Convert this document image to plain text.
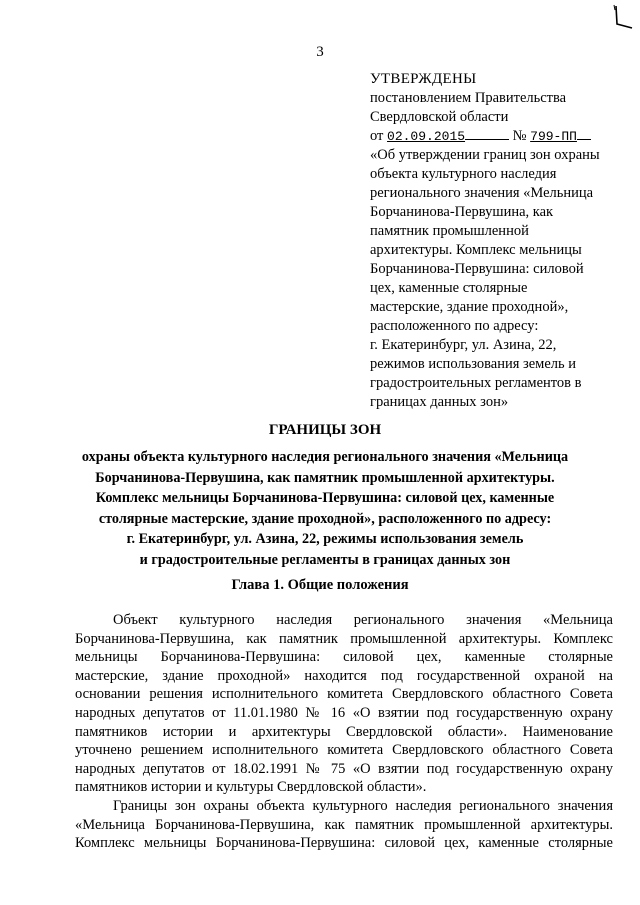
3
УТВЕРЖДЕНЫ
постановлением Правительства
Свердловской области
от 02.09.2015	№ 799-ПП
«Об утверждении границ зон охраны
объекта культурного наследия
регионального значения «Мельница
Борчанинова-Первушина, как
памятник промышленной
архитектуры. Комплекс мельницы
Борчанинова-Первушина: силовой
цех, каменные столярные
мастерские, здание проходной»,
расположенного по адресу:
г. Екатеринбург, ул. Азина, 22,
режимов использования земель и
градостроительных регламентов в
границах данных зон»
ГРАНИЦЫ ЗОН
охраны объекта культурного наследия регионального значения «Мельница
Борчанинова-Первушина, как памятник промышленной архитектуры.
Комплекс мельницы Борчанинова-Первушина: силовой цех, каменные
столярные мастерские, здание проходной», расположенного по адресу:
г. Екатеринбург, ул. Азина, 22, режимы использования земель
и градостроительные регламенты в границах данных зон
Глава 1. Общие положения
Объект культурного наследия регионального значения «Мельница
Борчанинова-Первушина, как памятник промышленной архитектуры. Комплекс
мельницы Борчанинова-Первушина: силовой цех, каменные столярные
мастерские, здание проходной» находится под государственной охраной на
основании решения исполнительного комитета Свердловского областного Совета
народных депутатов от 11.01.1980 № 16 «О взятии под государственную охрану
памятников истории и архитектуры Свердловской области». Наименование
уточнено решением исполнительного комитета Свердловского областного Совета
народных депутатов от 18.02.1991 № 75 «О взятии под государственную охрану
памятников истории и культуры Свердловской области».
Границы зон охраны объекта культурного наследия регионального значения
«Мельница Борчанинова-Первушина, как памятник промышленной архитектуры.
Комплекс мельницы Борчанинова-Первушина: силовой цех, каменные столярные
